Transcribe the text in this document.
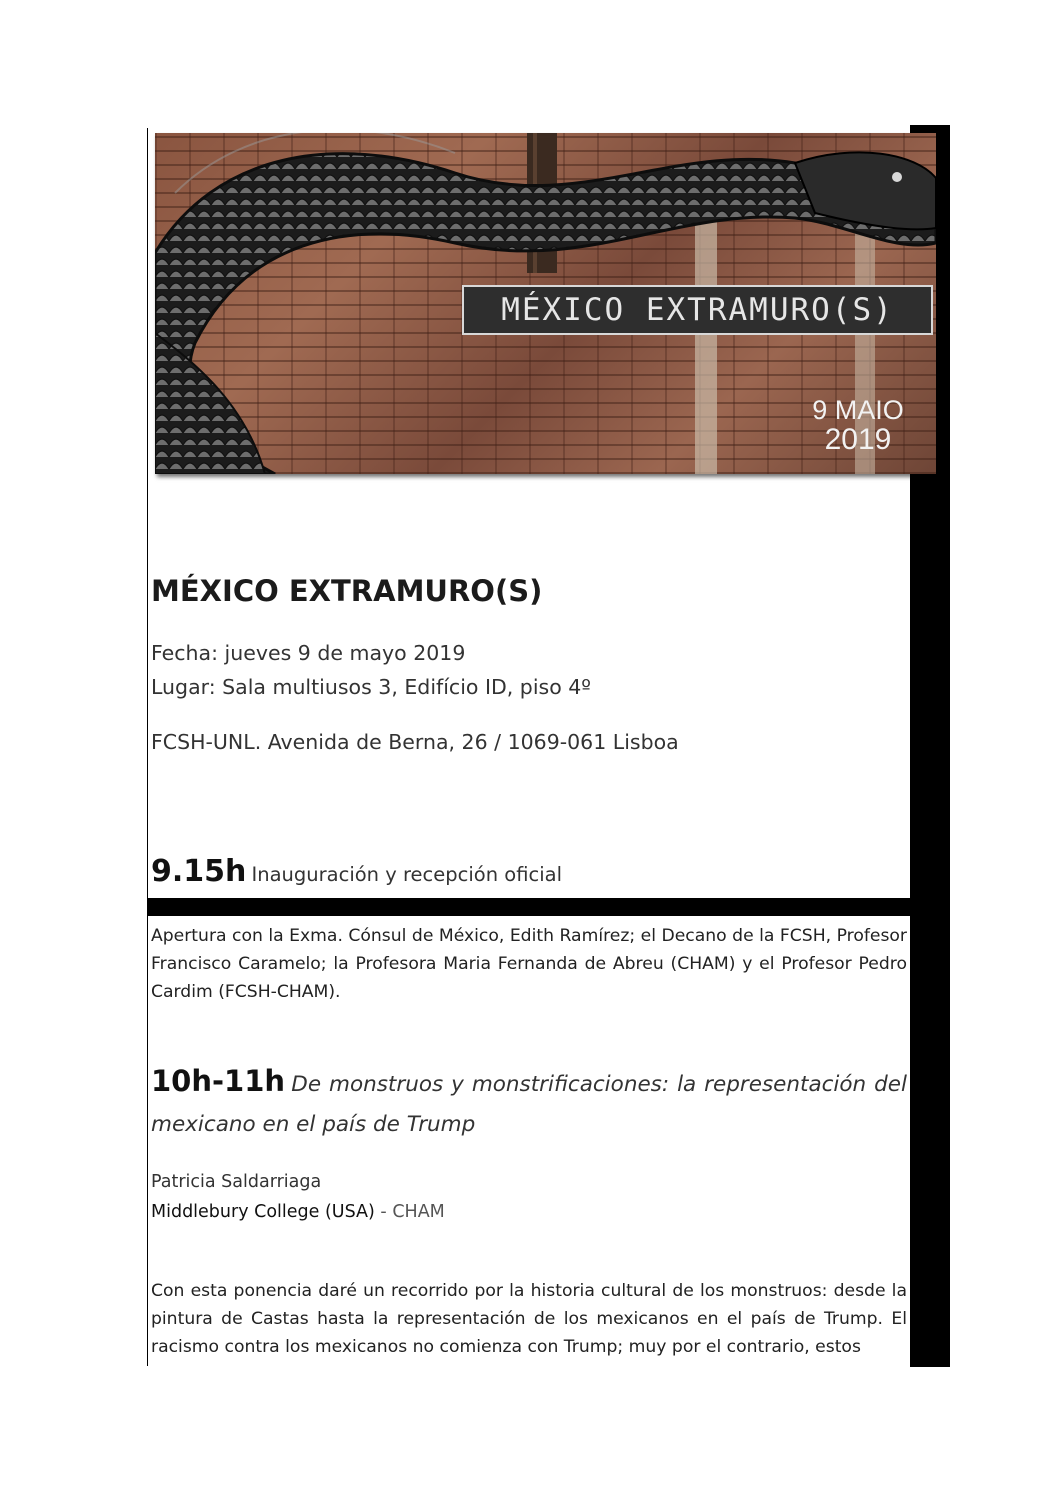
MÉXICO EXTRAMURO(S)
9 MAIO
2019
MÉXICO EXTRAMURO(S)
Fecha: jueves 9 de mayo 2019
Lugar: Sala multiusos 3, Edifício ID, piso 4º
FCSH-UNL. Avenida de Berna, 26 / 1069-061 Lisboa
9.15h Inauguración y recepción oficial
Apertura con la Exma. Cónsul de México, Edith Ramírez; el Decano de la FCSH, Profesor Francisco Caramelo; la Profesora Maria Fernanda de Abreu (CHAM) y el Profesor Pedro Cardim (FCSH-CHAM).
10h-11h De monstruos y monstrificaciones: la representación del mexicano en el país de Trump
Patricia Saldarriaga
Middlebury College (USA) - CHAM
Con esta ponencia daré un recorrido por la historia cultural de los monstruos: desde la pintura de Castas hasta la representación de los mexicanos en el país de Trump. El racismo contra los mexicanos no comienza con Trump; muy por el contrario, estos
